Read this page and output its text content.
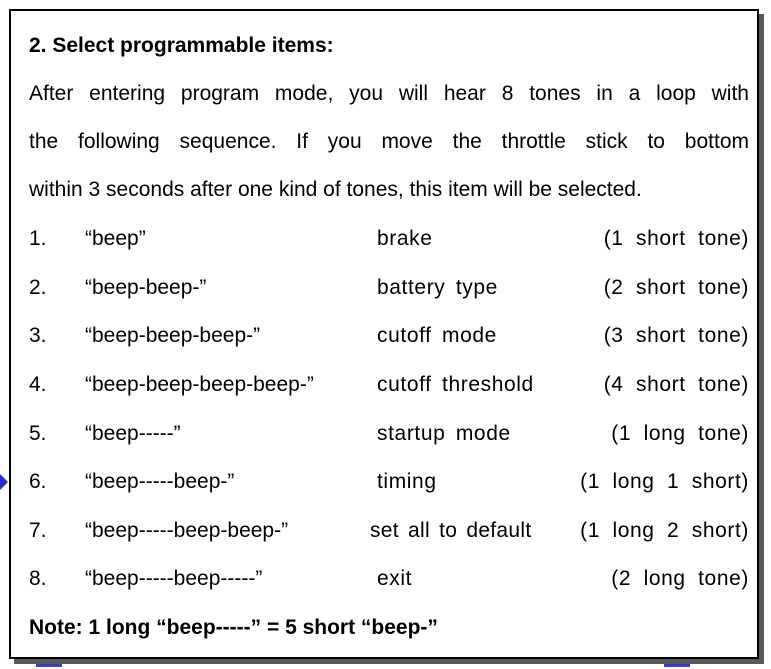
2. Select programmable items:
After entering program mode, you will hear 8 tones in a loop with
the following sequence. If you move the throttle stick to bottom
within 3 seconds after one kind of tones, this item will be selected.
1. “beep”	brake	(1 short tone)
2. “beep-beep-”	battery type	(2 short tone)
3. “beep-beep-beep-”	cutoff mode	(3 short tone)
4. “beep-beep-beep-beep-”	cutoff threshold	(4 short tone)
5. “beep-----”	startup mode	(1 long tone)
6. “beep-----beep-”	timing	(1 long 1 short)
7. “beep-----beep-beep-”	set all to default (1 long 2 short)
8. “beep-----beep-----”	exit	(2 long tone)
Note: 1 long “beep-----” = 5 short “beep-”
